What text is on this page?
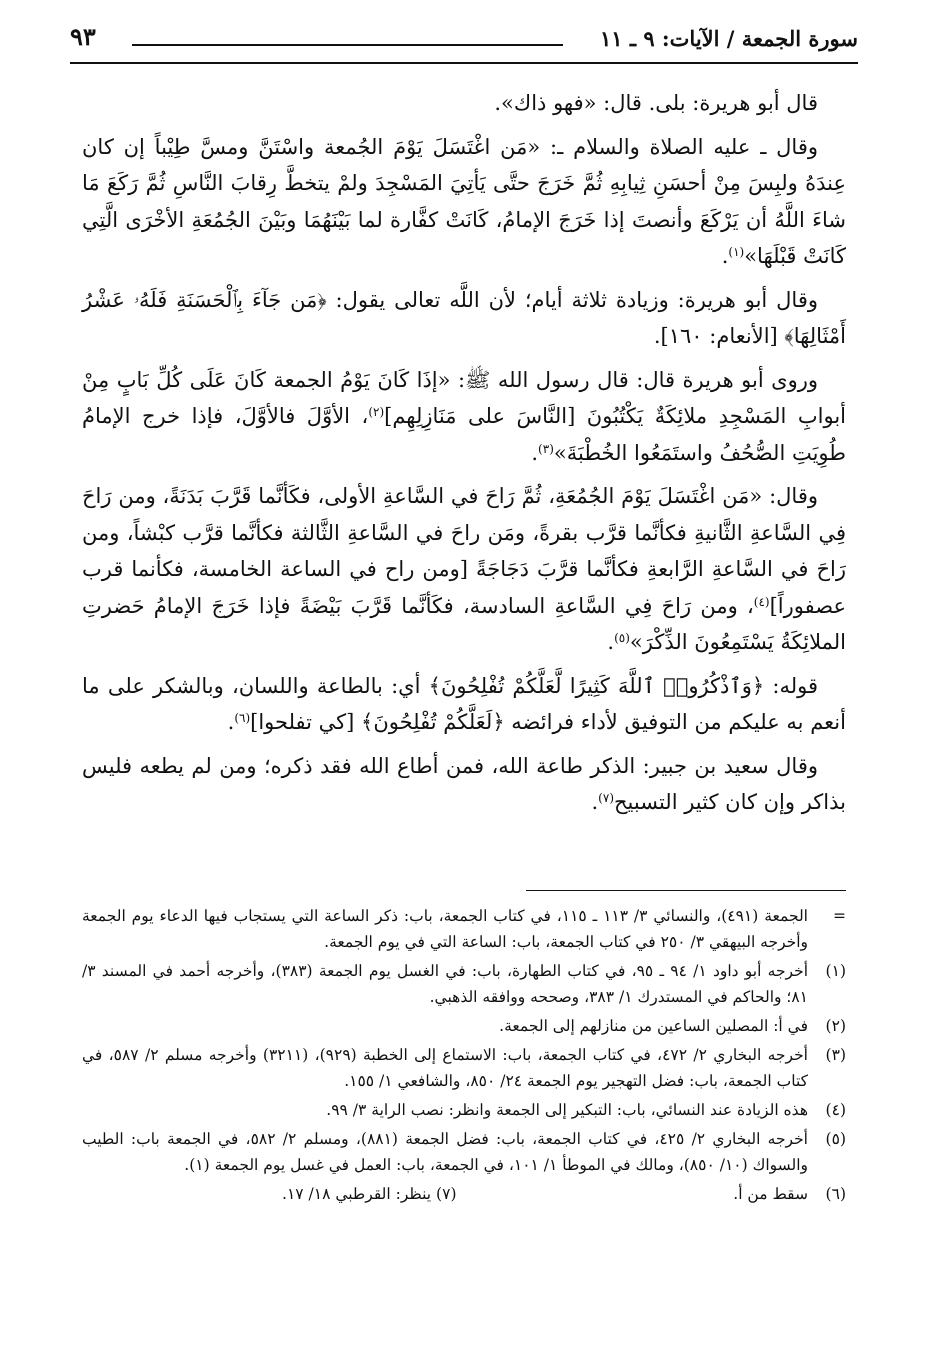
سورة الجمعة / الآيات: ٩ ـ ١١
٩٣

قال أبو هريرة: بلى. قال: «فهو ذاك».

وقال ـ عليه الصلاة والسلام ـ: «مَن اغْتَسَلَ يَوْمَ الجُمعة واسْتَنَّ ومسَّ طِيْباً إن كان عِندَهُ ولبِسَ مِنْ أحسَنِ ثِيابِهِ ثُمَّ خَرَجَ حتَّى يَأتِيَ المَسْجِدَ ولمْ يتخطَّ رِقابَ النَّاسِ ثُمَّ رَكَعَ مَا شاءَ اللَّهُ أن يَرْكَعَ وأنصتَ إذا خَرَجَ الإمامُ، كَانَتْ كفَّارة لما بَيْنَهُمَا وبَيْنَ الجُمُعَةِ الأخْرَى الَّتِي كَانَتْ قَبْلَهَا»$^{(١)}$.

وقال أبو هريرة: وزيادة ثلاثة أيام؛ لأن اللَّه تعالى يقول: ﴿مَن جَآءَ بِٱلْحَسَنَةِ فَلَهُۥ عَشْرُ أَمْثَالِهَا﴾ [الأنعام: ١٦٠].

وروى أبو هريرة قال: قال رسول الله ﷺ: «إذَا كَانَ يَوْمُ الجمعة كَانَ عَلَى كُلِّ بَابٍ مِنْ أبوابِ المَسْجِدِ ملائِكَةٌ يَكْتُبُونَ [النَّاسَ على مَنَازِلِهِم]$^{(٢)}$، الأوَّلَ فالأوَّلَ، فإذا خرج الإمامُ طُوِيَتِ الصُّحُفُ واستَمَعُوا الخُطْبَةَ»$^{(٣)}$.

وقال: «مَن اغْتَسَلَ يَوْمَ الجُمُعَةِ، ثُمَّ رَاحَ في السَّاعةِ الأولى، فكَأنَّما قَرَّبَ بَدَنَةً، ومن رَاحَ فِي السَّاعةِ الثَّانيةِ فكأنَّما قرَّب بقرةً، ومَن راحَ في السَّاعةِ الثَّالثة فكأنَّما قرَّب كبْشاً، ومن رَاحَ في السَّاعةِ الرَّابعةِ فكأنَّما قرَّبَ دَجَاجَةً [ومن راح في الساعة الخامسة، فكأنما قرب عصفوراً]$^{(٤)}$، ومن رَاحَ فِي السَّاعةِ السادسة، فكَأنَّما قَرَّبَ بَيْضَةً فإذا خَرَجَ الإمامُ حَضرتِ الملائِكَةُ يَسْتَمِعُونَ الذِّكْرَ»$^{(٥)}$.

قوله: ﴿وَٱذْكُرُوا۟ ٱللَّهَ كَثِيرًا لَّعَلَّكُمْ تُفْلِحُونَ﴾ أي: بالطاعة واللسان، وبالشكر على ما أنعم به عليكم من التوفيق لأداء فرائضه ﴿لَعَلَّكُمْ تُفْلِحُونَ﴾ [كي تفلحوا]$^{(٦)}$.

وقال سعيد بن جبير: الذكر طاعة الله، فمن أطاع الله فقد ذكره؛ ومن لم يطعه فليس بذاكر وإن كان كثير التسبيح$^{(٧)}$.

=
الجمعة (٤٩١)، والنسائي ٣/ ١١٣ ـ ١١٥، في كتاب الجمعة، باب: ذكر الساعة التي يستجاب فيها الدعاء يوم الجمعة وأخرجه البيهقي ٣/ ٢٥٠ في كتاب الجمعة، باب: الساعة التي في يوم الجمعة.
(١)
أخرجه أبو داود ١/ ٩٤ ـ ٩٥، في كتاب الطهارة، باب: في الغسل يوم الجمعة (٣٨٣)، وأخرجه أحمد في المسند ٣/ ٨١؛ والحاكم في المستدرك ١/ ٣٨٣، وصححه ووافقه الذهبي.
(٢)
في أ: المصلين الساعين من منازلهم إلى الجمعة.
(٣)
أخرجه البخاري ٢/ ٤٧٢، في كتاب الجمعة، باب: الاستماع إلى الخطبة (٩٢٩)، (٣٢١١) وأخرجه مسلم ٢/ ٥٨٧، في كتاب الجمعة، باب: فضل التهجير يوم الجمعة ٢٤/ ٨٥٠، والشافعي ١/ ١٥٥.
(٤)
هذه الزيادة عند النسائي، باب: التبكير إلى الجمعة وانظر: نصب الراية ٣/ ٩٩.
(٥)
أخرجه البخاري ٢/ ٤٢٥، في كتاب الجمعة، باب: فضل الجمعة (٨٨١)، ومسلم ٢/ ٥٨٢، في الجمعة باب: الطيب والسواك (١٠/ ٨٥٠)، ومالك في الموطأ ١/ ١٠١، في الجمعة، باب: العمل في غسل يوم الجمعة (١).
(٦)
سقط من أ.
(٧) ينظر: القرطبي ١٨/ ١٧.
